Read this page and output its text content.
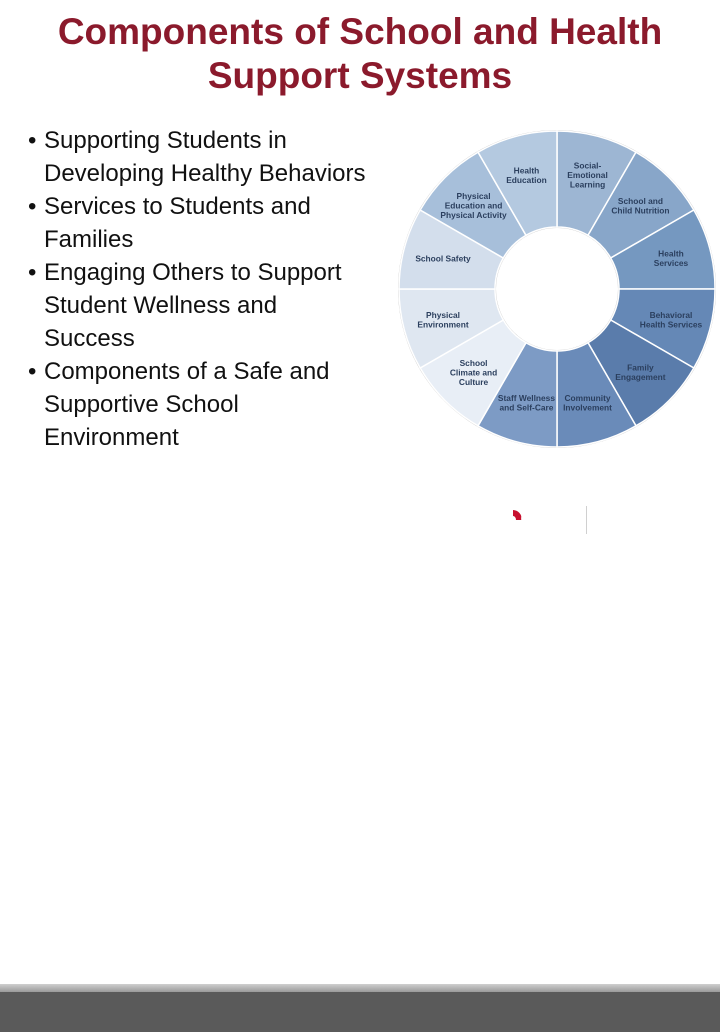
Components of School and Health
Support Systems
• Supporting Students in
Developing Healthy Behaviors
• Services to Students and
Families
• Engaging Others to Support
Student Wellness and
Success
• Components of a Safe and
Supportive School
Environment
Social-Emotional Learning
School and Child Nutrition
Health Services
Behavioral Health Services
Family Engagement
Community Involvement
Staff Wellness and Self-Care
School Climate and Culture
Physical Environment
School Safety
Physical Education and Physical Activity
Health Education
19	Ohio Department
of Education
